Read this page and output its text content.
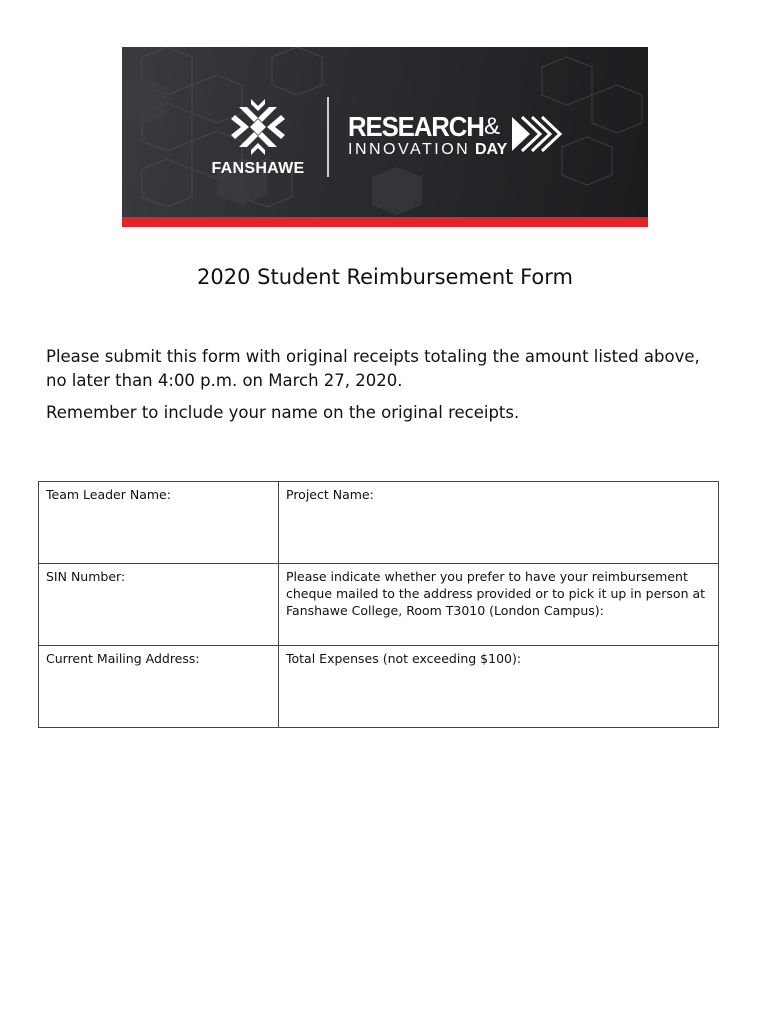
FANSHAWE
RESEARCH &
INNOVATION DAY
2020 Student Reimbursement Form

Please submit this form with original receipts totaling the amount listed above, no later than 4:00 p.m. on March 27, 2020.

Remember to include your name on the original receipts.

Team Leader Name:	Project Name:
SIN Number:	Please indicate whether you prefer to have your reimbursement cheque mailed to the address provided or to pick it up in person at Fanshawe College, Room T3010 (London Campus):
Current Mailing Address:	Total Expenses (not exceeding $100):
